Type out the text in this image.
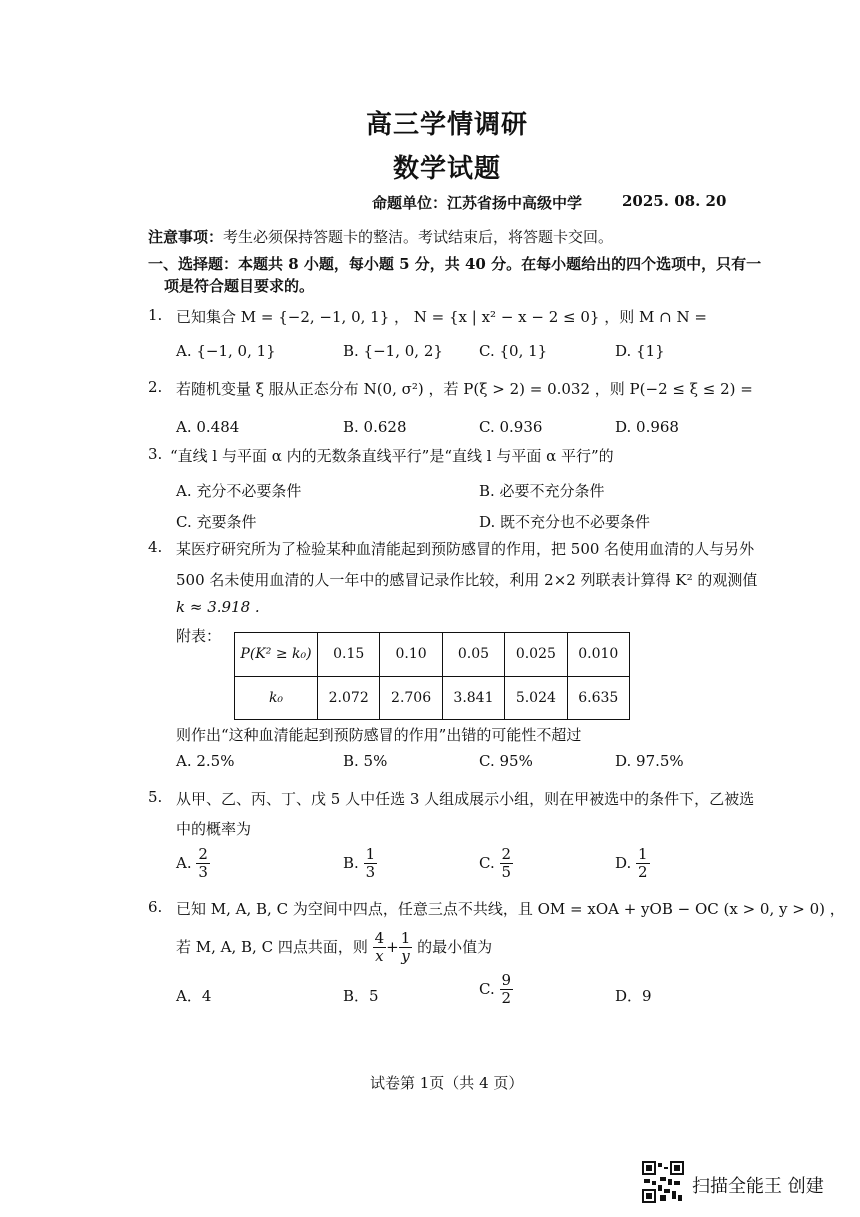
高三学情调研
数学试题
命题单位：江苏省扬中高级中学	2025. 08. 20
注意事项：考生必须保持答题卡的整洁。考试结束后，将答题卡交回。
一、选择题：本题共 8 小题，每小题 5 分，共 40 分。在每小题给出的四个选项中，只有一
项是符合题目要求的。
1. 已知集合 M = {−2, −1, 0, 1} ， N = {x | x² − x − 2 ≤ 0} ，则 M ∩ N =
A. {−1, 0, 1}	B. {−1, 0, 2} C. {0, 1}	D. {1}
2. 若随机变量 ξ 服从正态分布 N(0, σ²) ，若 P(ξ > 2) = 0.032 ，则 P(−2 ≤ ξ ≤ 2) =
A. 0.484	B. 0.628	C. 0.936	D. 0.968
3. “直线 l 与平面 α 内的无数条直线平行”是“直线 l 与平面 α 平行”的
A. 充分不必要条件	B. 必要不充分条件
C. 充要条件	D. 既不充分也不必要条件
4. 某医疗研究所为了检验某种血清能起到预防感冒的作用，把 500 名使用血清的人与另外
500 名未使用血清的人一年中的感冒记录作比较，利用 2×2 列联表计算得 K² 的观测值
k ≈ 3.918 .
附表：
P(K² ≥ k₀)	0.15	0.10	0.05	0.025	0.010
k₀	2.072	2.706	3.841	5.024	6.635
则作出“这种血清能起到预防感冒的作用”出错的可能性不超过
A. 2.5%	B. 5%	C. 95%	D. 97.5%
5. 从甲、乙、丙、丁、戊 5 人中任选 3 人组成展示小组，则在甲被选中的条件下，乙被选
中的概率为
A. $\frac{2}{3}$	B. $\frac{1}{3}$	C. $\frac{2}{5}$	D. $\frac{1}{2}$
6. 已知 M, A, B, C 为空间中四点，任意三点不共线，且 OM = xOA + yOB − OC (x > 0, y > 0) ，
若 M, A, B, C 四点共面，则 $\frac{4}{x} + \frac{1}{y}$ 的最小值为
A．4	B．5	C. $\frac{9}{2}$	D．9
试卷第 1页（共 4 页）
扫描全能王 创建
